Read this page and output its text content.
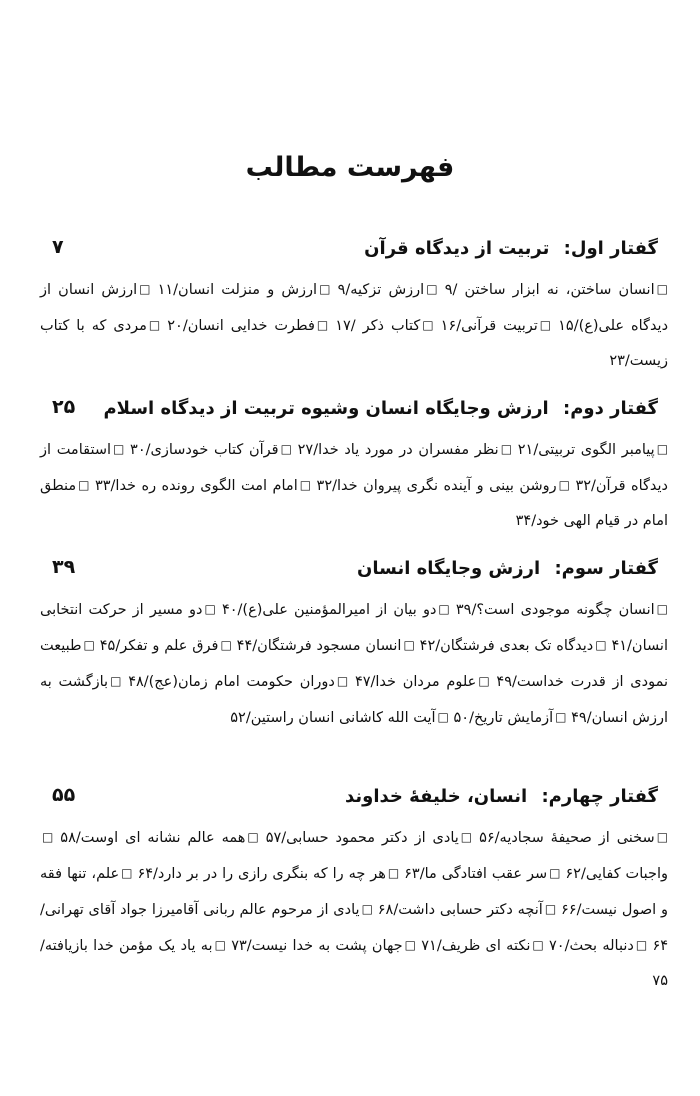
فهرست مطالب
گفتار اول: تربیت از دیدگاه قرآن
۷

□انسان ساختن، نه ابزار ساختن /۹ □ارزش تزکیه/۹ □ارزش و منزلت انسان/۱۱ □ارزش انسان از دیدگاه علی(ع)/۱۵ □تربیت قرآنی/۱۶ □کتاب ذکر /۱۷ □فطرت خدایی انسان/۲۰ □مردی که با کتاب زیست/۲۳

گفتار دوم: ارزش وجایگاه انسان وشیوه تربیت از دیدگاه اسلام
۲۵

□پیامبر الگوی تربیتی/۲۱ □نظر مفسران در مورد یاد خدا/۲۷ □قرآن کتاب خودسازی/۳۰ □استقامت از دیدگاه قرآن/۳۲ □روشن بینی و آینده نگری پیروان خدا/۳۲ □امام امت الگوی رونده ره خدا/۳۳ □منطق امام در قیام الهی خود/۳۴

گفتار سوم: ارزش وجایگاه انسان
۳۹

□انسان چگونه موجودی است؟/۳۹ □دو بیان از امیرالمؤمنین علی(ع)/۴۰ □دو مسیر از حرکت انتخابی انسان/۴۱ □دیدگاه تک بعدی فرشتگان/۴۲ □انسان مسجود فرشتگان/۴۴ □فرق علم و تفکر/۴۵ □طبیعت نمودی از قدرت خداست/۴۹ □علوم مردان خدا/۴۷ □دوران حکومت امام زمان(عج)/۴۸ □بازگشت به ارزش انسان/۴۹ □آزمایش تاریخ/۵۰ □آیت الله کاشانی انسان راستین/۵۲

گفتار چهارم: انسان، خلیفهٔ خداوند
۵۵

□سخنی از صحیفهٔ سجادیه/۵۶ □یادی از دکتر محمود حسابی/۵۷ □همه عالم نشانه ای اوست/۵۸ □واجبات کفایی/۶۲ □سر عقب افتادگی ما/۶۳ □هر چه را که بنگری رازی را در بر دارد/۶۴ □علم، تنها فقه و اصول نیست/۶۶ □آنچه دکتر حسابی داشت/۶۸ □یادی از مرحوم عالم ربانی آقامیرزا جواد آقای تهرانی/۶۴ □دنباله بحث/۷۰ □نکته ای ظریف/۷۱ □جهان پشت به خدا نیست/۷۳ □به یاد یک مؤمن خدا بازیافته/۷۵
